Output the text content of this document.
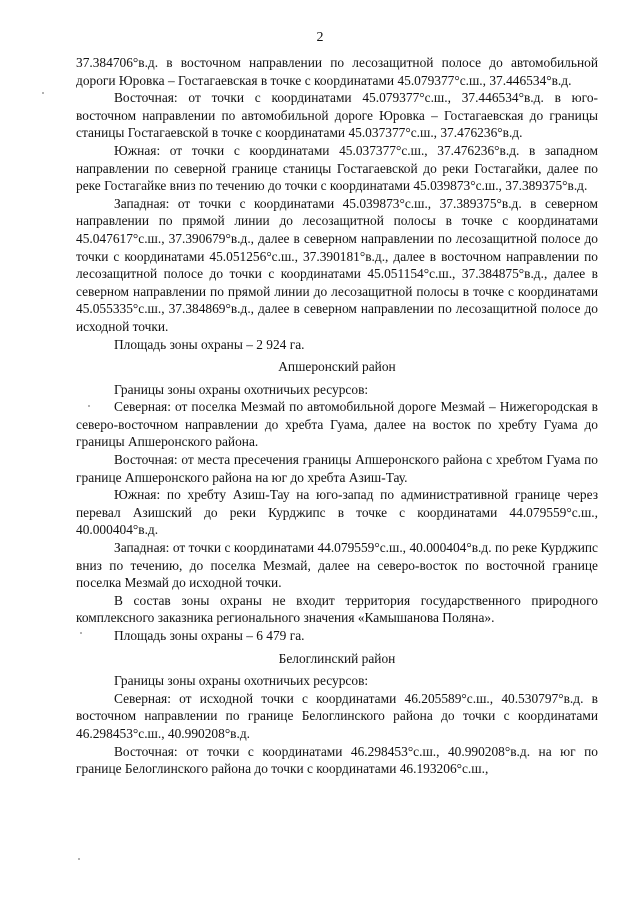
2

37.384706°в.д. в восточном направлении по лесозащитной полосе до автомобильной дороги Юровка – Гостагаевская в точке с координатами 45.079377°с.ш., 37.446534°в.д.

Восточная: от точки с координатами 45.079377°с.ш., 37.446534°в.д. в юго-восточном направлении по автомобильной дороге Юровка – Гостагаевская до границы станицы Гостагаевской в точке с координатами 45.037377°с.ш., 37.476236°в.д.

Южная: от точки с координатами 45.037377°с.ш., 37.476236°в.д. в западном направлении по северной границе станицы Гостагаевской до реки Гостагайки, далее по реке Гостагайке вниз по течению до точки с координатами 45.039873°с.ш., 37.389375°в.д.

Западная: от точки с координатами 45.039873°с.ш., 37.389375°в.д. в северном направлении по прямой линии до лесозащитной полосы в точке с координатами 45.047617°с.ш., 37.390679°в.д., далее в северном направлении по лесозащитной полосе до точки с координатами 45.051256°с.ш., 37.390181°в.д., далее в восточном направлении по лесозащитной полосе до точки с координатами 45.051154°с.ш., 37.384875°в.д., далее в северном направлении по прямой линии до лесозащитной полосы в точке с координатами 45.055335°с.ш., 37.384869°в.д., далее в северном направлении по лесозащитной полосе до исходной точки.

Площадь зоны охраны – 2 924 га.

Апшеронский район

Границы зоны охраны охотничьих ресурсов:

Северная: от поселка Мезмай по автомобильной дороге Мезмай – Нижегородская в северо-восточном направлении до хребта Гуама, далее на восток по хребту Гуама до границы Апшеронского района.

Восточная: от места пресечения границы Апшеронского района с хребтом Гуама по границе Апшеронского района на юг до хребта Азиш-Тау.

Южная: по хребту Азиш-Тау на юго-запад по административной границе через перевал Азишский до реки Курджипс в точке с координатами 44.079559°с.ш., 40.000404°в.д.

Западная: от точки с координатами 44.079559°с.ш., 40.000404°в.д. по реке Курджипс вниз по течению, до поселка Мезмай, далее на северо-восток по восточной границе поселка Мезмай до исходной точки.

В состав зоны охраны не входит территория государственного природного комплексного заказника регионального значения «Камышанова Поляна».

Площадь зоны охраны – 6 479 га.

Белоглинский район

Границы зоны охраны охотничьих ресурсов:

Северная: от исходной точки с координатами 46.205589°с.ш., 40.530797°в.д. в восточном направлении по границе Белоглинского района до точки с координатами 46.298453°с.ш., 40.990208°в.д.

Восточная: от точки с координатами 46.298453°с.ш., 40.990208°в.д. на юг по границе Белоглинского района до точки с координатами 46.193206°с.ш.,
